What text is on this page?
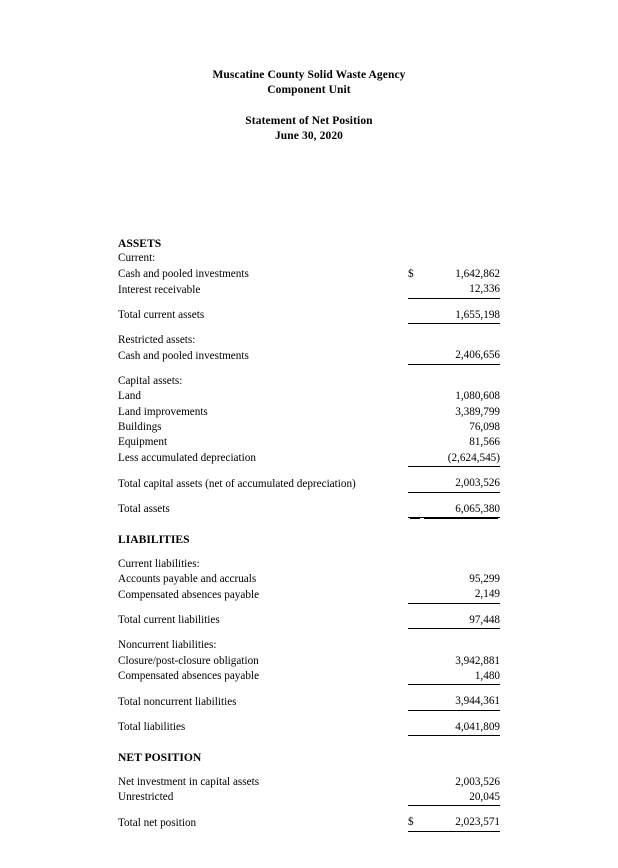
Muscatine County Solid Waste Agency
Component Unit
Statement of Net Position
June 30, 2020
ASSETS		
Current:		
Cash and pooled investments	$	1,642,862
Interest receivable		12,336

Total current assets		1,655,198

Restricted assets:		
Cash and pooled investments		2,406,656

Capital assets:		
Land		1,080,608
Land improvements		3,389,799
Buildings		76,098
Equipment		81,566
Less accumulated depreciation		(2,624,545)

Total capital assets (net of accumulated depreciation)		2,003,526

Total assets		6,065,380

LIABILITIES		

Current liabilities:		
Accounts payable and accruals		95,299
Compensated absences payable		2,149

Total current liabilities		97,448

Noncurrent liabilities:		
Closure/post-closure obligation		3,942,881
Compensated absences payable		1,480

Total noncurrent liabilities		3,944,361

Total liabilities		4,041,809

NET POSITION		

Net investment in capital assets		2,003,526
Unrestricted		20,045

Total net position	$	2,023,571
